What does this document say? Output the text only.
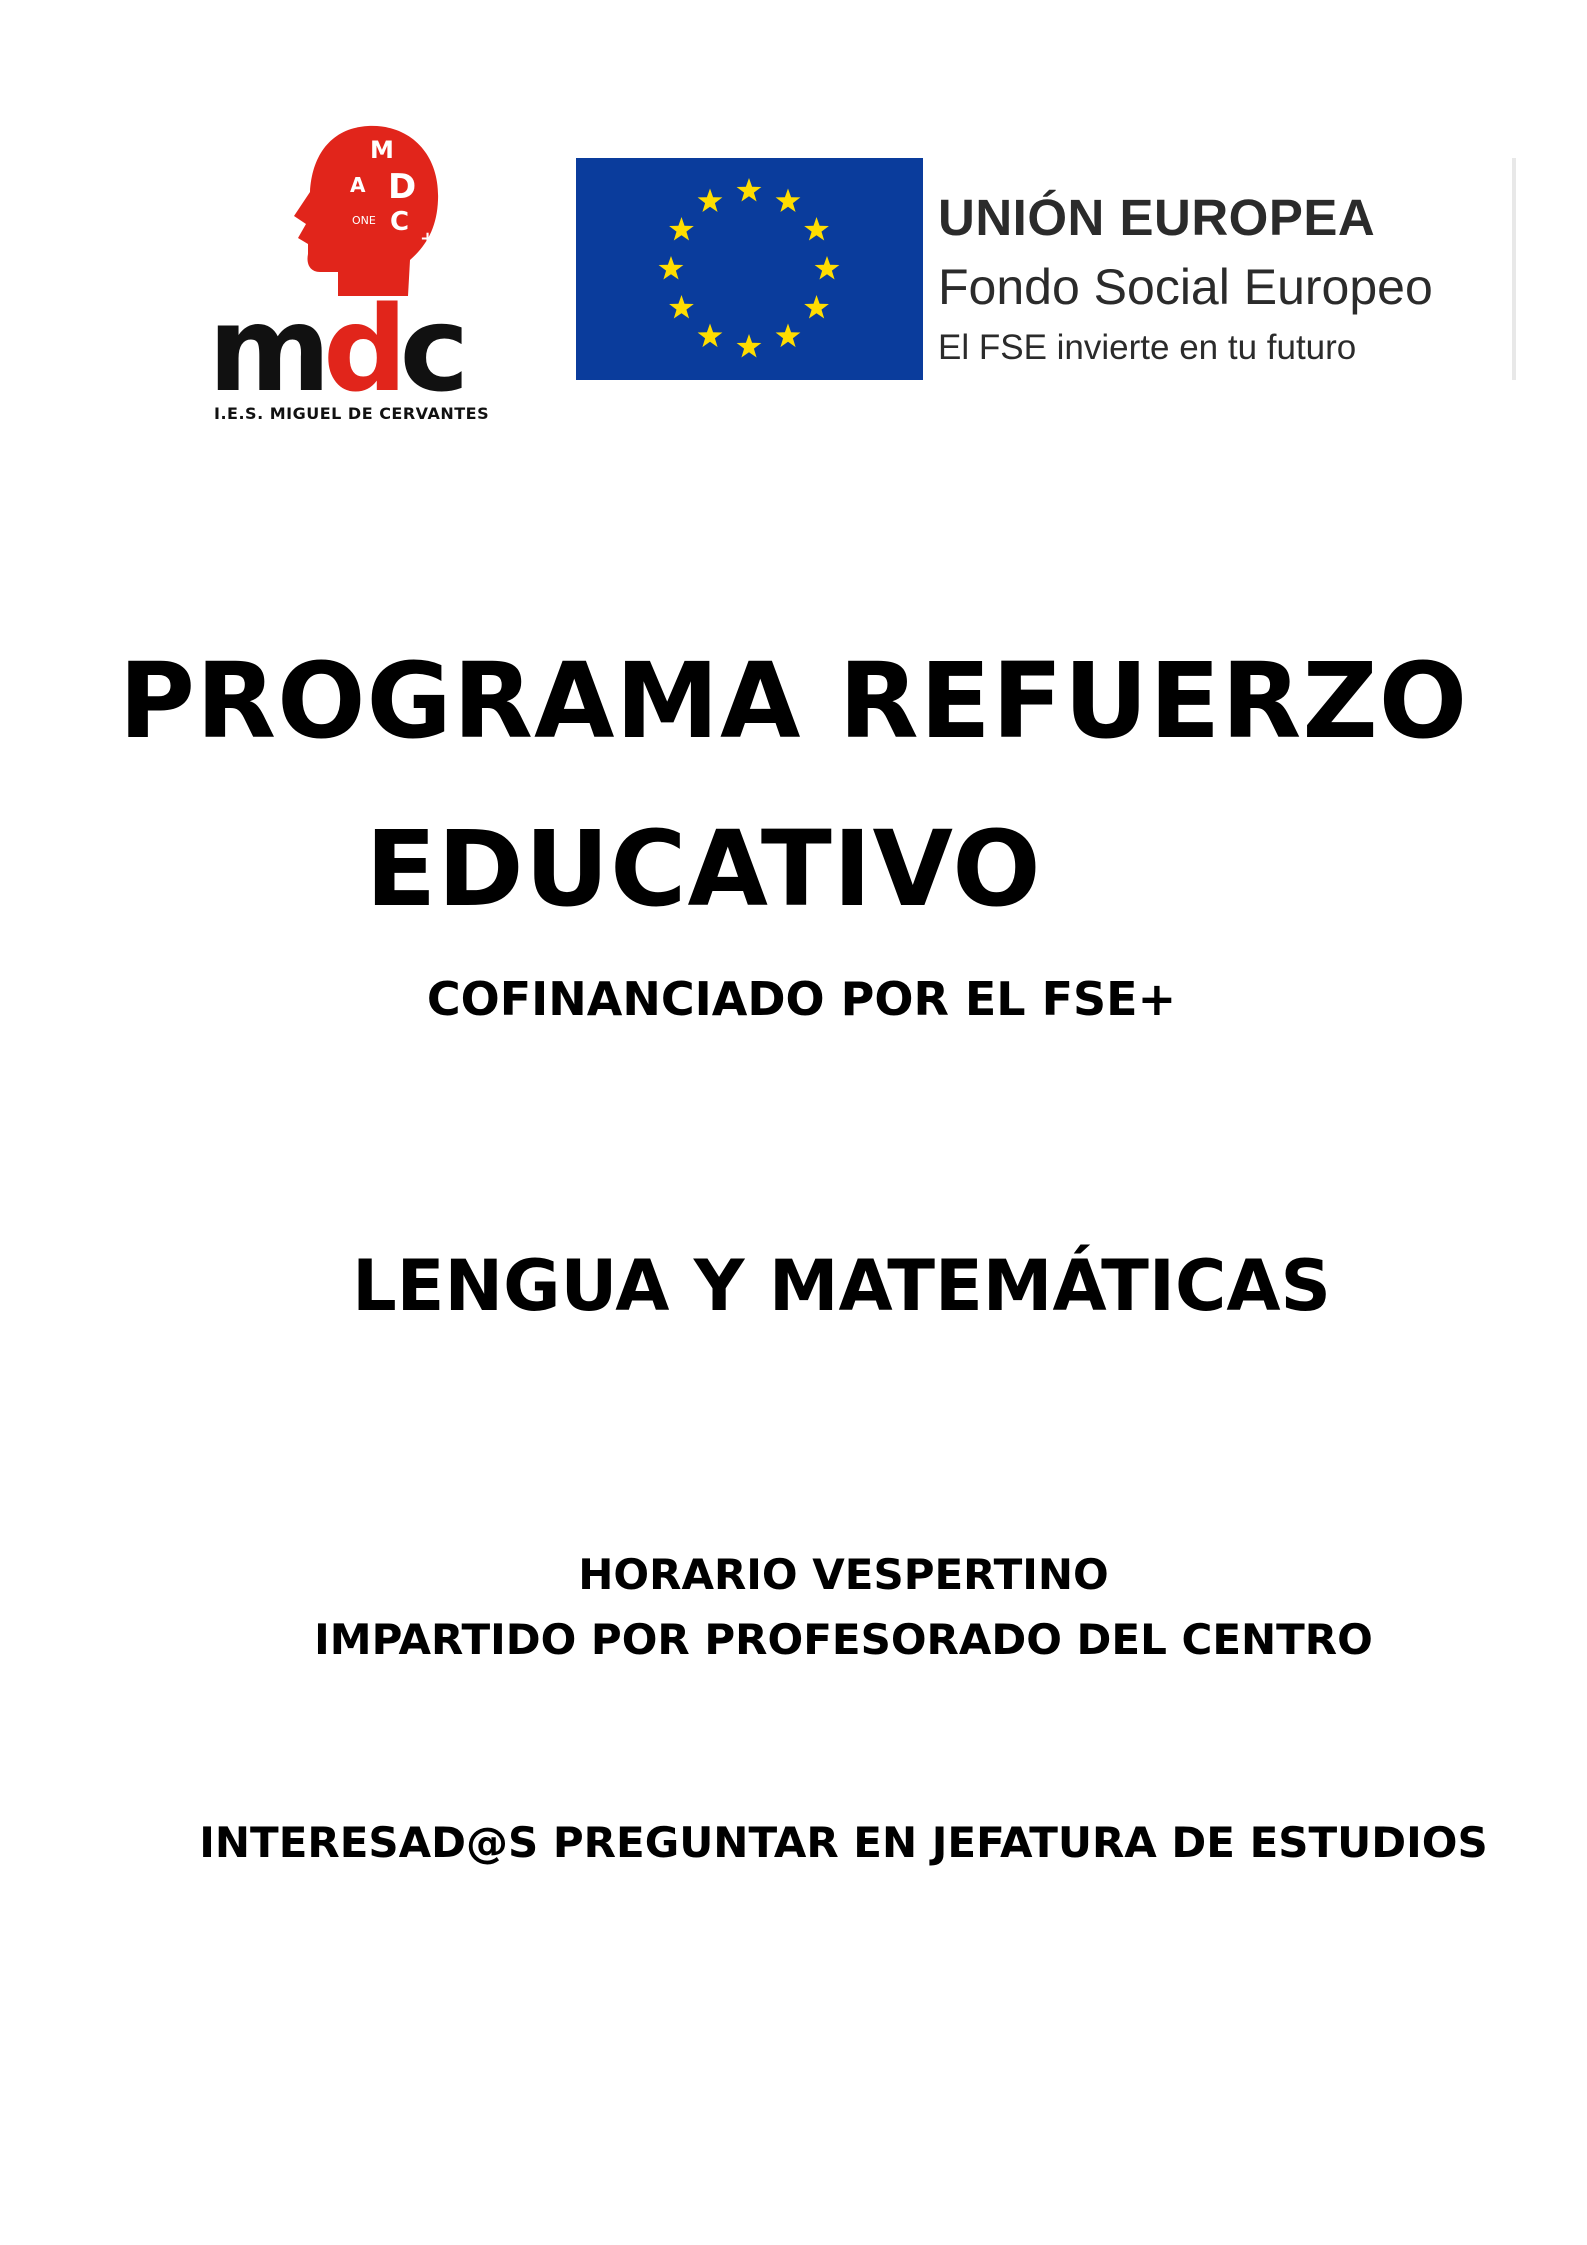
M
D
C
A
ONE
+
mdc
I.E.S. MIGUEL DE CERVANTES
UNIÓN EUROPEA
Fondo Social Europeo
El FSE invierte en tu futuro
PROGRAMA REFUERZO
EDUCATIVO
COFINANCIADO POR EL FSE+
LENGUA Y MATEMÁTICAS
HORARIO VESPERTINO
IMPARTIDO POR PROFESORADO DEL CENTRO
INTERESAD@S PREGUNTAR EN JEFATURA DE ESTUDIOS
